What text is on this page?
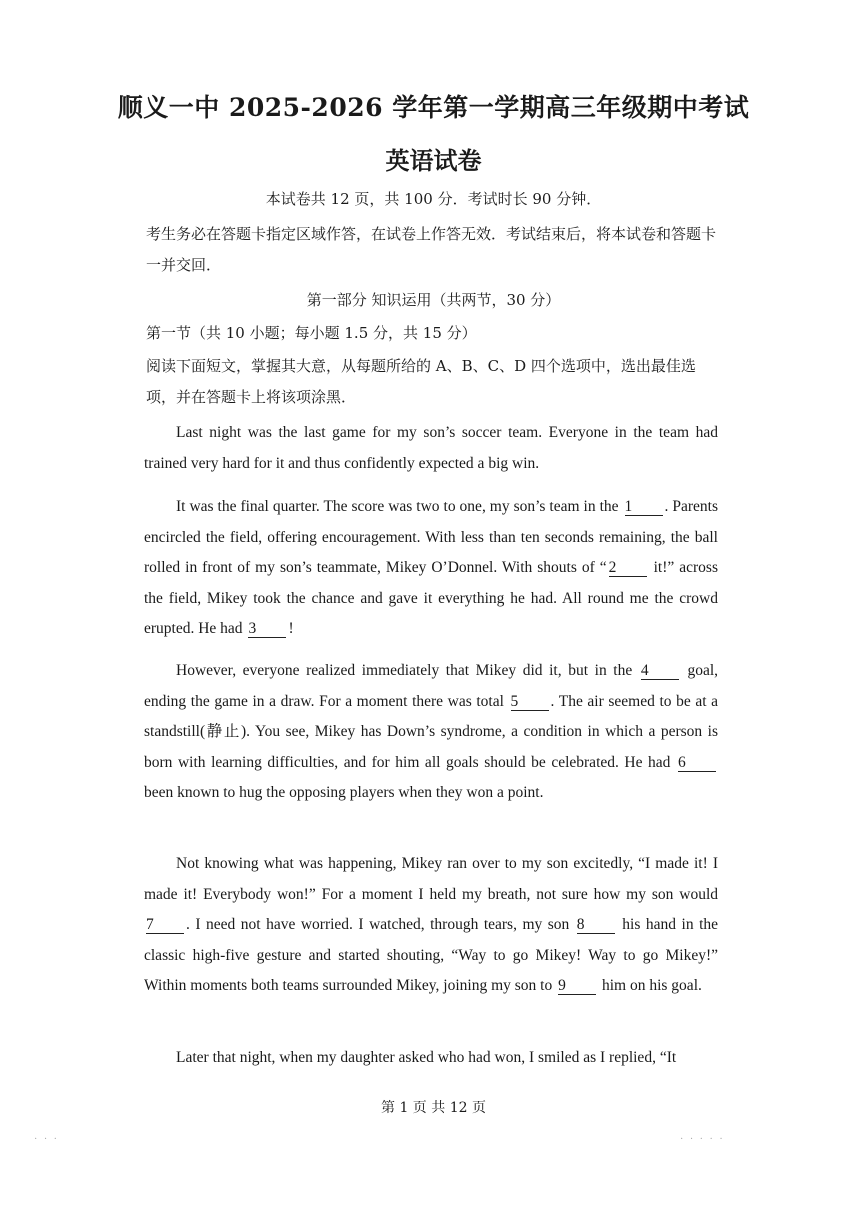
顺义一中 2025-2026 学年第一学期高三年级期中考试
英语试卷
本试卷共 12 页，共 100 分．考试时长 90 分钟．
考生务必在答题卡指定区域作答，在试卷上作答无效．考试结束后，将本试卷和答题卡一并交回．
第一部分 知识运用（共两节，30 分）
第一节（共 10 小题；每小题 1.5 分，共 15 分）
阅读下面短文，掌握其大意，从每题所给的 A、B、C、D 四个选项中，选出最佳选项，并在答题卡上将该项涂黑．
Last night was the last game for my son’s soccer team. Everyone in the team had trained very hard for it and thus confidently expected a big win.
It was the final quarter. The score was two to one, my son’s team in the 1 . Parents encircled the field, offering encouragement. With less than ten seconds remaining, the ball rolled in front of my son’s teammate, Mikey O’Donnel. With shouts of “ 2 it!” across the field, Mikey took the chance and gave it everything he had. All round me the crowd erupted. He had 3 !
However, everyone realized immediately that Mikey did it, but in the 4 goal, ending the game in a draw. For a moment there was total 5 . The air seemed to be at a standstill(静止). You see, Mikey has Down’s syndrome, a condition in which a person is born with learning difficulties, and for him all goals should be celebrated. He had 6 been known to hug the opposing players when they won a point.
Not knowing what was happening, Mikey ran over to my son excitedly, “I made it! I made it! Everybody won!” For a moment I held my breath, not sure how my son would 7 . I need not have worried. I watched, through tears, my son 8 his hand in the classic high-five gesture and started shouting, “Way to go Mikey! Way to go Mikey!” Within moments both teams surrounded Mikey, joining my son to 9 him on his goal.
Later that night, when my daughter asked who had won, I smiled as I replied, “It
第 1 页 共 12 页
· · ·	· · · · ·
